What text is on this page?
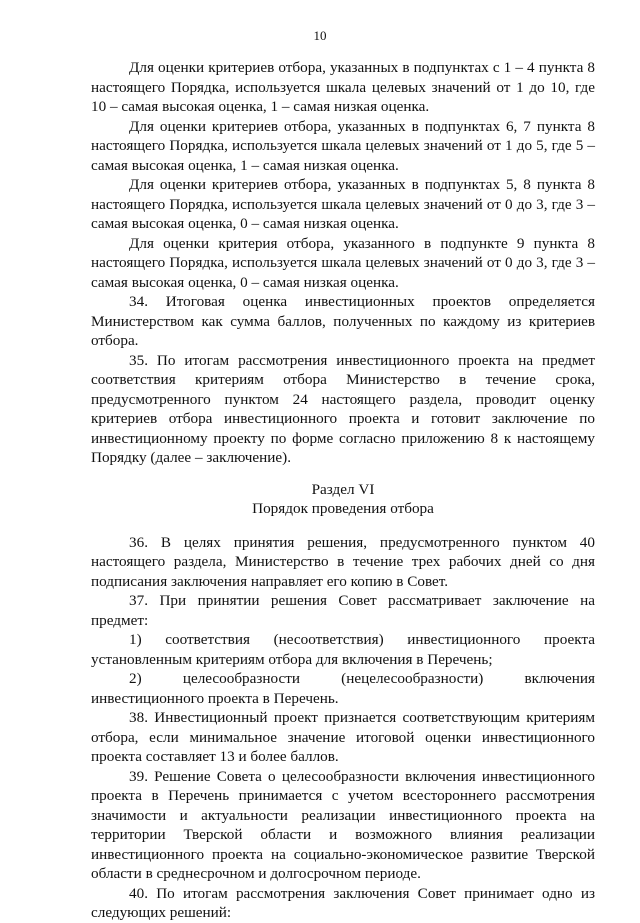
10

Для оценки критериев отбора, указанных в подпунктах с 1 – 4 пункта 8 настоящего Порядка, используется шкала целевых значений от 1 до 10, где 10 – самая высокая оценка, 1 – самая низкая оценка.

Для оценки критериев отбора, указанных в подпунктах 6, 7 пункта 8 настоящего Порядка, используется шкала целевых значений от 1 до 5, где 5 – самая высокая оценка, 1 – самая низкая оценка.

Для оценки критериев отбора, указанных в подпунктах 5, 8 пункта 8 настоящего Порядка, используется шкала целевых значений от 0 до 3, где 3 – самая высокая оценка, 0 – самая низкая оценка.

Для оценки критерия отбора, указанного в подпункте 9 пункта 8 настоящего Порядка, используется шкала целевых значений от 0 до 3, где 3 – самая высокая оценка, 0 – самая низкая оценка.

34. Итоговая оценка инвестиционных проектов определяется Министерством как сумма баллов, полученных по каждому из критериев отбора.

35. По итогам рассмотрения инвестиционного проекта на предмет соответствия критериям отбора Министерство в течение срока, предусмотренного пунктом 24 настоящего раздела, проводит оценку критериев отбора инвестиционного проекта и готовит заключение по инвестиционному проекту по форме согласно приложению 8 к настоящему Порядку (далее – заключение).

Раздел VI
Порядок проведения отбора

36. В целях принятия решения, предусмотренного пунктом 40 настоящего раздела, Министерство в течение трех рабочих дней со дня подписания заключения направляет его копию в Совет.

37. При принятии решения Совет рассматривает заключение на предмет:

1) соответствия (несоответствия) инвестиционного проекта установленным критериям отбора для включения в Перечень;

2) целесообразности (нецелесообразности) включения инвестиционного проекта в Перечень.

38. Инвестиционный проект признается соответствующим критериям отбора, если минимальное значение итоговой оценки инвестиционного проекта составляет 13 и более баллов.

39. Решение Совета о целесообразности включения инвестиционного проекта в Перечень принимается с учетом всестороннего рассмотрения значимости и актуальности реализации инвестиционного проекта на территории Тверской области и возможного влияния реализации инвестиционного проекта на социально-экономическое развитие Тверской области в среднесрочном и долгосрочном периоде.

40. По итогам рассмотрения заключения Совет принимает одно из следующих решений:
